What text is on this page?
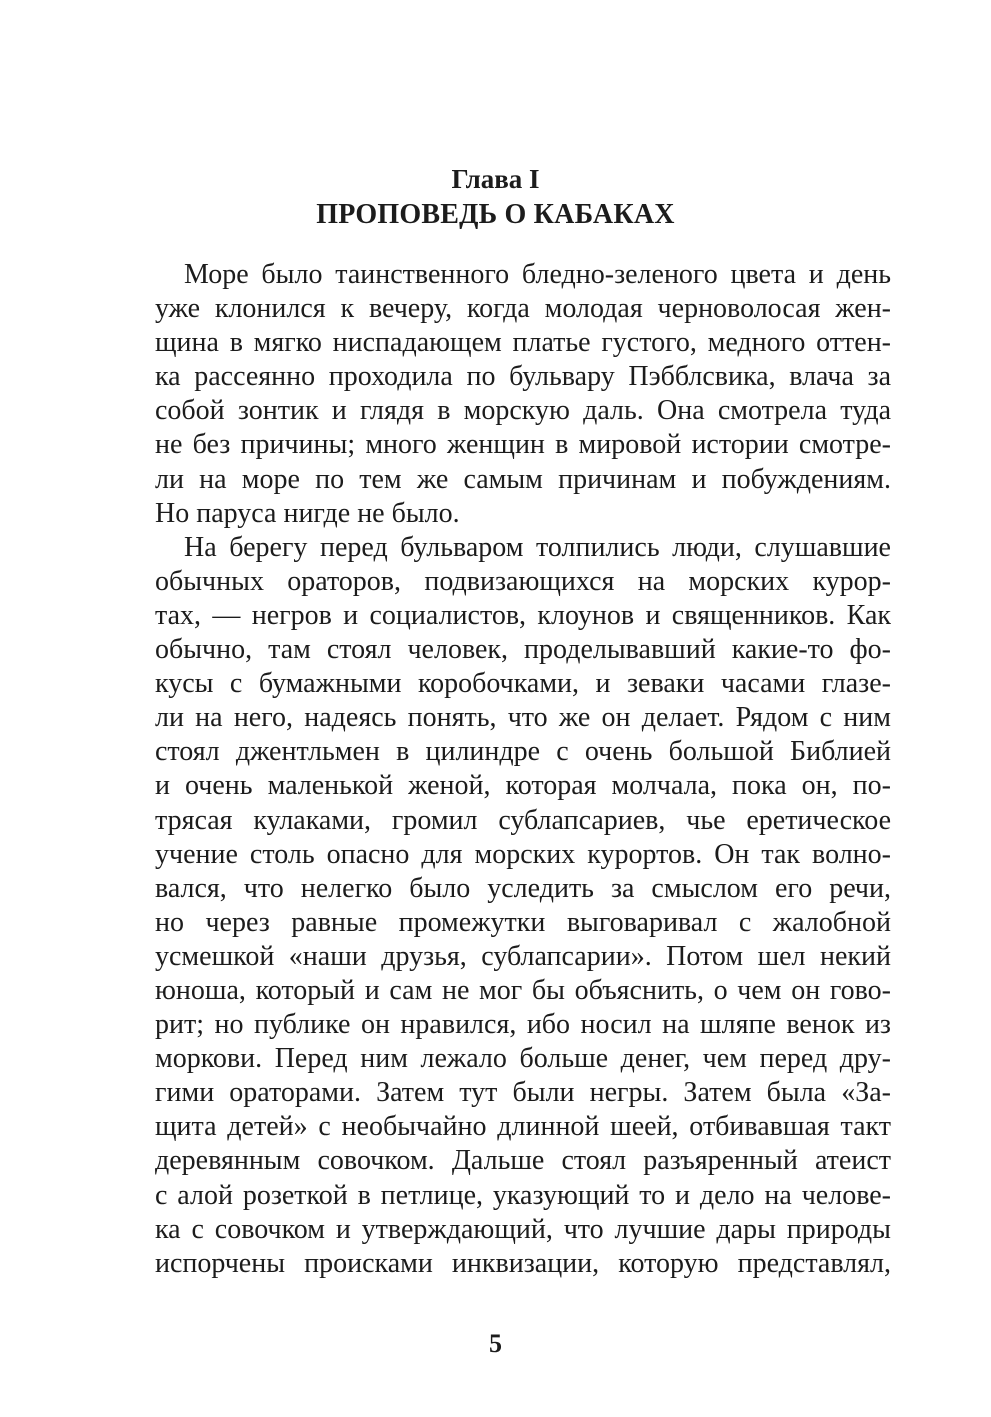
Глава I
ПРОПОВЕДЬ О КАБАКАХ
Море было таинственного бледно-зеленого цвета и день
уже клонился к вечеру, когда молодая черноволосая жен-
щина в мягко ниспадающем платье густого, медного оттен-
ка рассеянно проходила по бульвару Пэбблсвика, влача за
собой зонтик и глядя в морскую даль. Она смотрела туда
не без причины; много женщин в мировой истории смотре-
ли на море по тем же самым причинам и побуждениям.
Но паруса нигде не было.
На берегу перед бульваром толпились люди, слушавшие
обычных ораторов, подвизающихся на морских курор-
тах, — негров и социалистов, клоунов и священников. Как
обычно, там стоял человек, проделывавший какие-то фо-
кусы с бумажными коробочками, и зеваки часами глазе-
ли на него, надеясь понять, что же он делает. Рядом с ним
стоял джентльмен в цилиндре с очень большой Библией
и очень маленькой женой, которая молчала, пока он, по-
трясая кулаками, громил сублапсариев, чье еретическое
учение столь опасно для морских курортов. Он так волно-
вался, что нелегко было уследить за смыслом его речи,
но через равные промежутки выговаривал с жалобной
усмешкой «наши друзья, сублапсарии». Потом шел некий
юноша, который и сам не мог бы объяснить, о чем он гово-
рит; но публике он нравился, ибо носил на шляпе венок из
моркови. Перед ним лежало больше денег, чем перед дру-
гими ораторами. Затем тут были негры. Затем была «За-
щита детей» с необычайно длинной шеей, отбивавшая такт
деревянным совочком. Дальше стоял разъяренный атеист
с алой розеткой в петлице, указующий то и дело на челове-
ка с совочком и утверждающий, что лучшие дары природы
испорчены происками инквизации, которую представлял,
5
